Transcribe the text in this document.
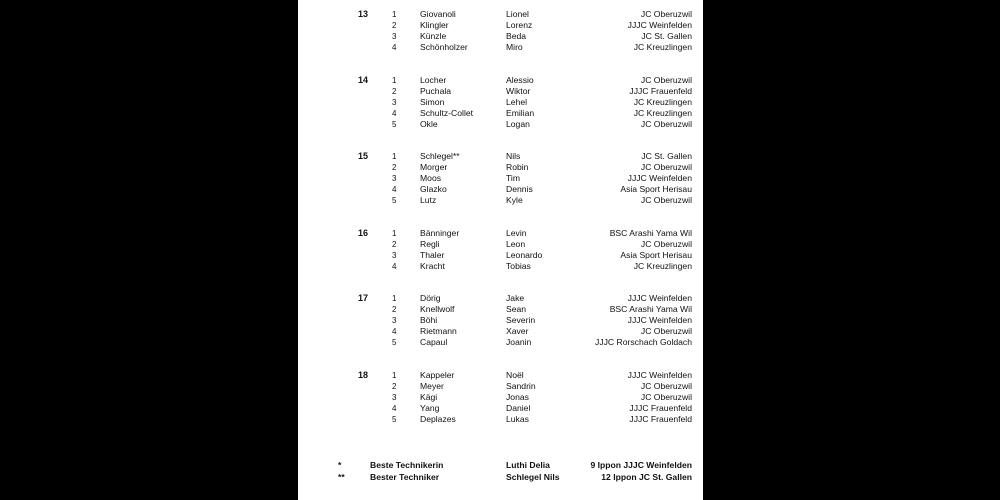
13	1	Giovanoli	Lionel	JC Oberuzwil
2	Klingler	Lorenz	JJJC Weinfelden
3	Künzle	Beda	JC St. Gallen
4	Schönholzer	Miro	JC Kreuzlingen
14	1	Locher	Alessio	JC Oberuzwil
2	Puchala	Wiktor	JJJC Frauenfeld
3	Simon	Lehel	JC Kreuzlingen
4	Schultz-Collet	Emilian	JC Kreuzlingen
5	Okle	Logan	JC Oberuzwil
15	1	Schlegel**	Nils	JC St. Gallen
2	Morger	Robin	JC Oberuzwil
3	Moos	Tim	JJJC Weinfelden
4	Glazko	Dennis	Asia Sport Herisau
5	Lutz	Kyle	JC Oberuzwil
16	1	Bänninger	Levin	BSC Arashi Yama Wil
2	Regli	Leon	JC Oberuzwil
3	Thaler	Leonardo	Asia Sport Herisau
4	Kracht	Tobias	JC Kreuzlingen
17	1	Dörig	Jake	JJJC Weinfelden
2	Knellwolf	Sean	BSC Arashi Yama Wil
3	Böhi	Severin	JJJC Weinfelden
4	Rietmann	Xaver	JC Oberuzwil
5	Capaul	Joanin	JJJC Rorschach Goldach
18	1	Kappeler	Noël	JJJC Weinfelden
2	Meyer	Sandrin	JC Oberuzwil
3	Kägi	Jonas	JC Oberuzwil
4	Yang	Daniel	JJJC Frauenfeld
5	Deplazes	Lukas	JJJC Frauenfeld
*	Beste Technikerin	Luthi Delia	9 Ippon JJJC Weinfelden
**	Bester Techniker	Schlegel Nils	12 Ippon JC St. Gallen
